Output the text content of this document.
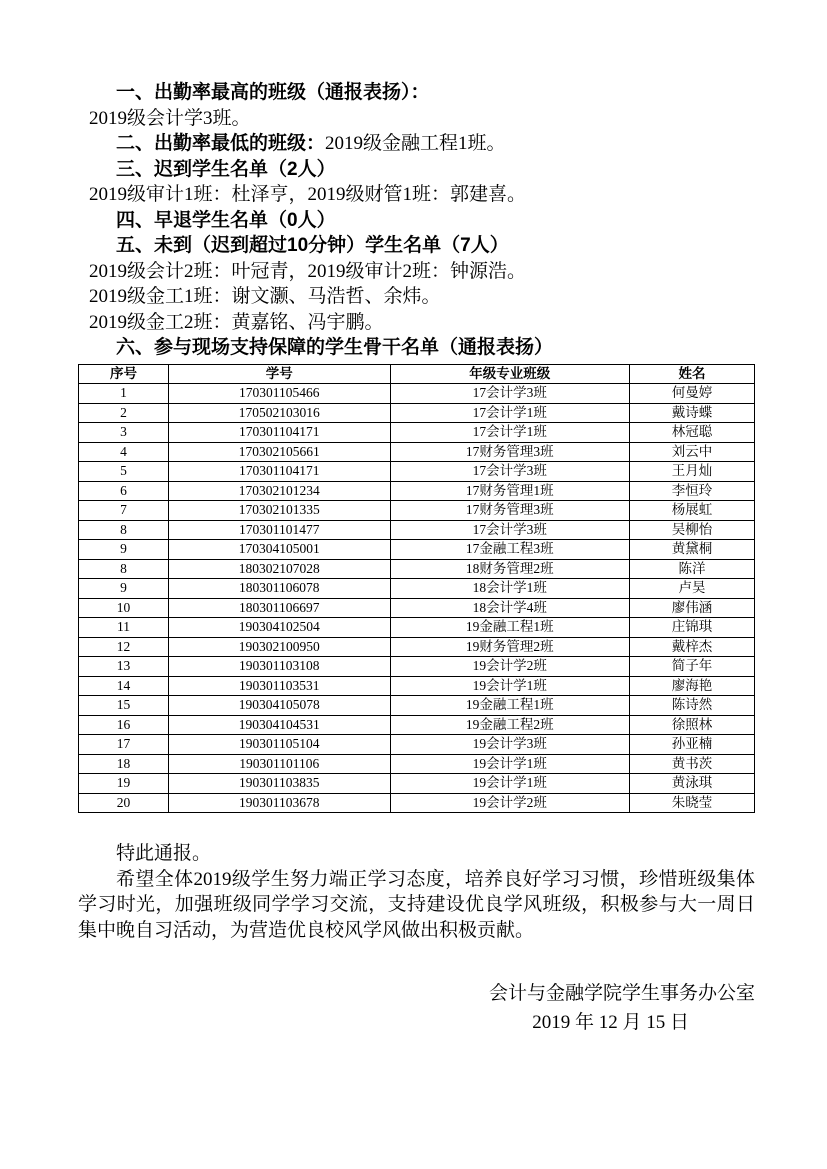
一、出勤率最高的班级（通报表扬）：

2019级会计学3班。

二、出勤率最低的班级：2019级金融工程1班。

三、迟到学生名单（2人）

2019级审计1班：杜泽亨，2019级财管1班：郭建喜。

四、早退学生名单（0人）

五、未到（迟到超过10分钟）学生名单（7人）

2019级会计2班：叶冠青，2019级审计2班：钟源浩。

2019级金工1班：谢文灏、马浩哲、余炜。

2019级金工2班：黄嘉铭、冯宇鹏。

六、参与现场支持保障的学生骨干名单（通报表扬）

序号	学号	年级专业班级	姓名
1	170301105466	17会计学3班	何曼婷
2	170502103016	17会计学1班	戴诗蝶
3	170301104171	17会计学1班	林冠聪
4	170302105661	17财务管理3班	刘云中
5	170301104171	17会计学3班	王月灿
6	170302101234	17财务管理1班	李恒玲
7	170302101335	17财务管理3班	杨展虹
8	170301101477	17会计学3班	吴柳怡
9	170304105001	17金融工程3班	黄黛桐
8	180302107028	18财务管理2班	陈洋
9	180301106078	18会计学1班	卢昊
10	180301106697	18会计学4班	廖伟涵
11	190304102504	19金融工程1班	庄锦琪
12	190302100950	19财务管理2班	戴梓杰
13	190301103108	19会计学2班	简子年
14	190301103531	19会计学1班	廖海艳
15	190304105078	19金融工程1班	陈诗然
16	190304104531	19金融工程2班	徐照林
17	190301105104	19会计学3班	孙亚楠
18	190301101106	19会计学1班	黄书茨
19	190301103835	19会计学1班	黄泳琪
20	190301103678	19会计学2班	朱晓莹

特此通报。

希望全体2019级学生努力端正学习态度，培养良好学习习惯，珍惜班级集体学习时光，加强班级同学学习交流，支持建设优良学风班级，积极参与大一周日集中晚自习活动，为营造优良校风学风做出积极贡献。

会计与金融学院学生事务办公室
2019 年 12 月 15 日
